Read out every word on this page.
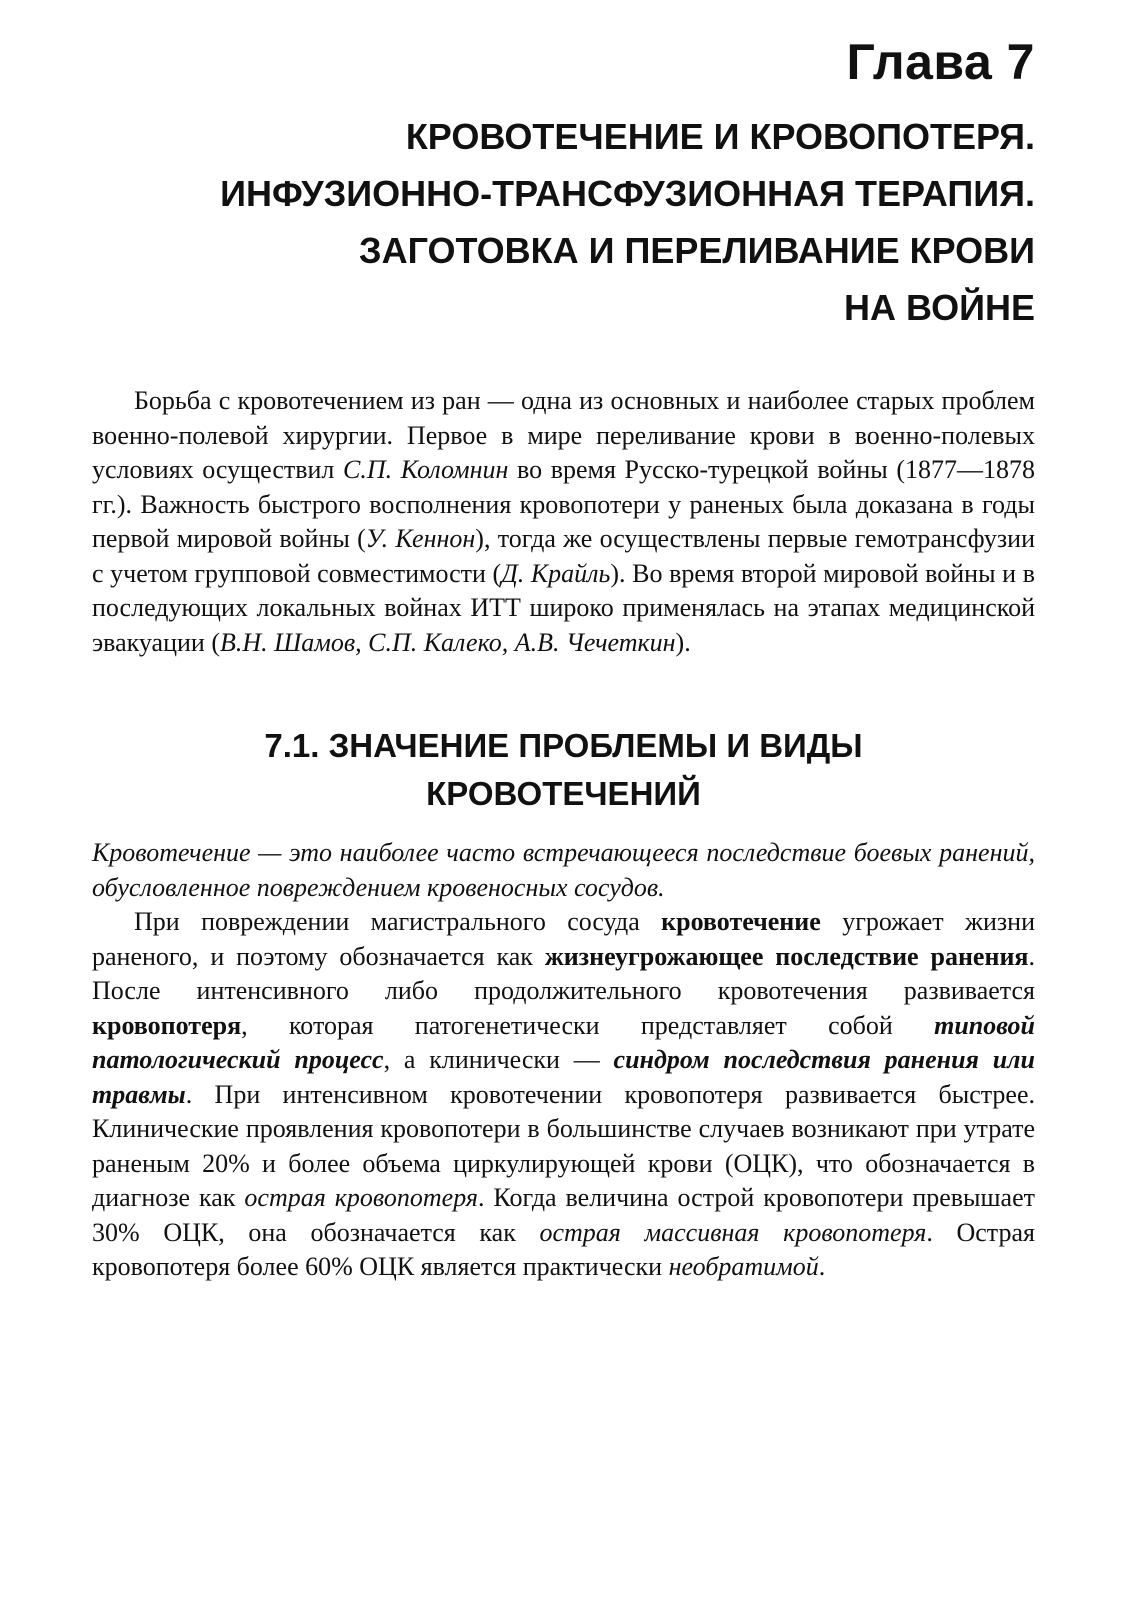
Глава 7
КРОВОТЕЧЕНИЕ И КРОВОПОТЕРЯ.
ИНФУЗИОННО-ТРАНСФУЗИОННАЯ ТЕРАПИЯ.
ЗАГОТОВКА И ПЕРЕЛИВАНИЕ КРОВИ
НА ВОЙНЕ

Борьба с кровотечением из ран — одна из основных и наиболее старых проблем военно-полевой хирургии. Первое в мире переливание крови в военно-полевых условиях осуществил С.П. Коломнин во время Русско-турецкой войны (1877—1878 гг.). Важность быстрого восполнения кровопотери у раненых была доказана в годы первой мировой войны (У. Кеннон), тогда же осуществлены первые гемотрансфузии с учетом групповой совместимости (Д. Крайль). Во время второй мировой войны и в последующих локальных войнах ИТТ широко применялась на этапах медицинской эвакуации (В.Н. Шамов, С.П. Калеко, А.В. Чечеткин).

7.1. ЗНАЧЕНИЕ ПРОБЛЕМЫ И ВИДЫ
КРОВОТЕЧЕНИЙ

Кровотечение — это наиболее часто встречающееся последствие боевых ранений, обусловленное повреждением кровеносных сосудов.

При повреждении магистрального сосуда кровотечение угрожает жизни раненого, и поэтому обозначается как жизнеугрожающее последствие ранения. После интенсивного либо продолжительного кровотечения развивается кровопотеря, которая патогенетически представляет собой типовой патологический процесс, а клинически — синдром последствия ранения или травмы. При интенсивном кровотечении кровопотеря развивается быстрее. Клинические проявления кровопотери в большинстве случаев возникают при утрате раненым 20% и более объема циркулирующей крови (ОЦК), что обозначается в диагнозе как острая кровопотеря. Когда величина острой кровопотери превышает 30% ОЦК, она обозначается как острая массивная кровопотеря. Острая кровопотеря более 60% ОЦК является практически необратимой.
